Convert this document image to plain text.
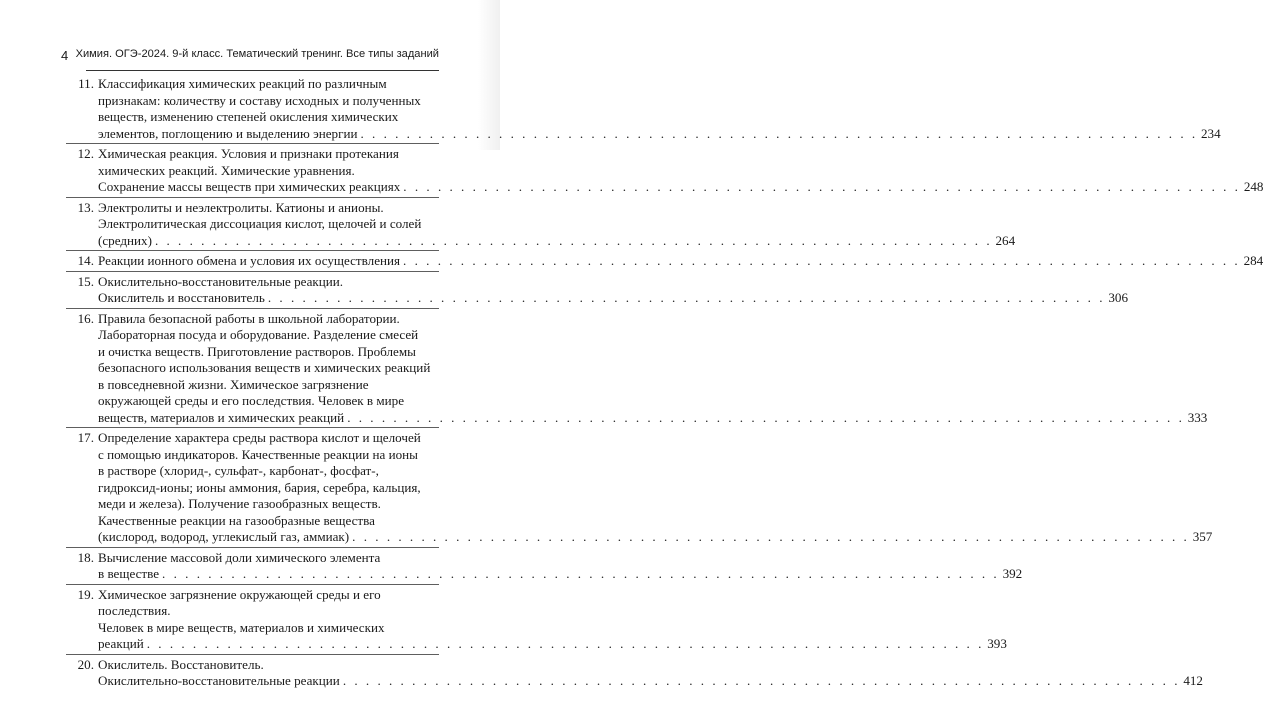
4 Химия. ОГЭ-2024. 9-й класс. Тематический тренинг. Все типы заданий
11. Классификация химических реакций по различным
признакам: количеству и составу исходных и полученных
веществ, изменению степеней окисления химических
элементов, поглощению и выделению энергии . . .	234
12. Химическая реакция. Условия и признаки протекания
химических реакций. Химические уравнения.
Сохранение массы веществ при химических реакциях . . .	248
13. Электролиты и неэлектролиты. Катионы и анионы.
Электролитическая диссоциация кислот, щелочей и солей
(средних) . . .	264
14. Реакции ионного обмена и условия их осуществления . . .	284
15. Окислительно-восстановительные реакции.
Окислитель и восстановитель . . .	306
16. Правила безопасной работы в школьной лаборатории.
Лабораторная посуда и оборудование. Разделение смесей
и очистка веществ. Приготовление растворов. Проблемы
безопасного использования веществ и химических реакций
в повседневной жизни. Химическое загрязнение
окружающей среды и его последствия. Человек в мире
веществ, материалов и химических реакций . . .	333
17. Определение характера среды раствора кислот и щелочей
с помощью индикаторов. Качественные реакции на ионы
в растворе (хлорид-, сульфат-, карбонат-, фосфат-,
гидроксид-ионы; ионы аммония, бария, серебра, кальция,
меди и железа). Получение газообразных веществ.
Качественные реакции на газообразные вещества
(кислород, водород, углекислый газ, аммиак) . . .	357
18. Вычисление массовой доли химического элемента
в веществе . . .	392
19. Химическое загрязнение окружающей среды и его
последствия.
Человек в мире веществ, материалов и химических
реакций . . .	393
20. Окислитель. Восстановитель.
Окислительно-восстановительные реакции . . .	412
